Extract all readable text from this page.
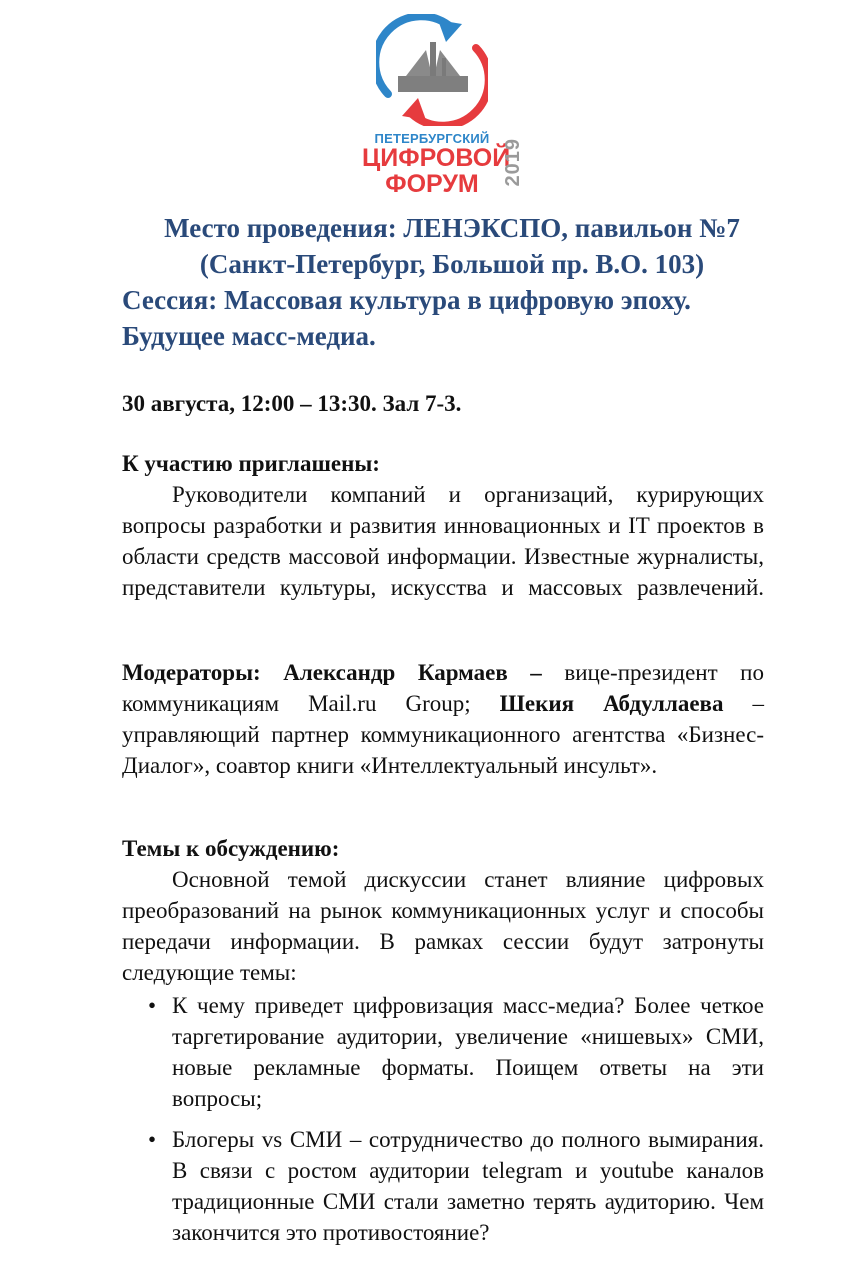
ПЕТЕРБУРГСКИЙ
ЦИФРОВОЙ
ФОРУМ	2019
Место проведения: ЛЕНЭКСПО, павильон №7
(Санкт-Петербург, Большой пр. В.О. 103)
Сессия: Массовая культура в цифровую эпоху.
Будущее масс-медиа.
30 августа, 12:00 – 13:30. Зал 7-3.
К участию приглашены:
Руководители компаний и организаций, курирующих вопросы разработки и развития инновационных и IT проектов в области средств массовой информации. Известные журналисты, представители культуры, искусства и массовых развлечений.
Модераторы: Александр Кармаев – вице-президент по коммуникациям Mail.ru Group; Шекия Абдуллаева – управляющий партнер коммуникационного агентства «Бизнес-Диалог», соавтор книги «Интеллектуальный инсульт».
Темы к обсуждению:
Основной темой дискуссии станет влияние цифровых преобразований на рынок коммуникационных услуг и способы передачи информации. В рамках сессии будут затронуты следующие темы:
• К чему приведет цифровизация масс-медиа? Более четкое таргетирование аудитории, увеличение «нишевых» СМИ, новые рекламные форматы. Поищем ответы на эти вопросы;
• Блогеры vs СМИ – сотрудничество до полного вымирания. В связи с ростом аудитории telegram и youtube каналов традиционные СМИ стали заметно терять аудиторию. Чем закончится это противостояние?
